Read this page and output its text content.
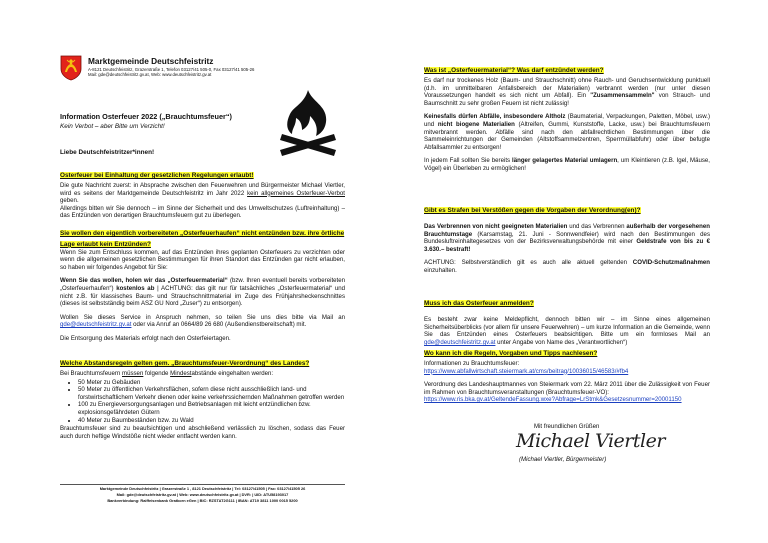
Marktgemeinde Deutschfeistritz
A-8121 Deutschfeistritz, Grazerstraße 1, Telefon 03127/41 505-0, Fax 03127/41 505-26
Mail: gde@deutschfeistritz.gv.at, Web: www.deutschfeistritz.gv.at
Information Osterfeuer 2022 („Brauchtumsfeuer“)
Kein Verbot – aber Bitte um Verzicht!
Liebe Deutschfeistritzer*innen!
Osterfeuer bei Einhaltung der gesetzlichen Regelungen erlaubt!

Die gute Nachricht zuerst: in Absprache zwischen den Feuerwehren und Bürgermeister Michael Viertler, wird es seitens der Marktgemeinde Deutschfeistritz im Jahr 2022 kein allgemeines Osterfeuer-Verbot geben.

Allerdings bitten wir Sie dennoch – im Sinne der Sicherheit und des Umweltschutzes (Luftreinhaltung) – das Entzünden von derartigen Brauchtumsfeuern gut zu überlegen.

Sie wollen den eigentlich vorbereiteten „Osterfeuerhaufen“ nicht entzünden bzw. ihre örtliche Lage erlaubt kein Entzünden?

Wenn Sie zum Entschluss kommen, auf das Entzünden ihres geplanten Osterfeuers zu verzichten oder wenn die allgemeinen gesetzlichen Bestimmungen für ihren Standort das Entzünden gar nicht erlauben, so haben wir folgendes Angebot für Sie:

Wenn Sie das wollen, holen wir das „Osterfeuermaterial“ (bzw. Ihren eventuell bereits vorbereiteten „Osterfeuerhaufen“) kostenlos ab | ACHTUNG: das gilt nur für tatsächliches „Osterfeuermaterial“ und nicht z.B. für klassisches Baum- und Strauchschnittmaterial im Zuge des Frühjahrsheckenschnittes (dieses ist selbstständig beim ASZ GU Nord „Zuser“) zu entsorgen).

Wollen Sie dieses Service in Anspruch nehmen, so teilen Sie uns dies bitte via Mail an gde@deutschfeistritz.gv.at oder via Anruf an 0664/89 26 680 (Außendienstbereitschaft) mit.

Die Entsorgung des Materials erfolgt nach den Osterfeiertagen.

Welche Abstandsregeln gelten gem. „Brauchtumsfeuer-Verordnung“ des Landes?

Bei Brauchtumsfeuern müssen folgende Mindestabstände eingehalten werden:

• 50 Meter zu Gebäuden
• 50 Meter zu öffentlichen Verkehrsflächen, sofern diese nicht ausschließlich land- und forstwirtschaftlichem Verkehr dienen oder keine verkehrssichernden Maßnahmen getroffen werden
• 100 zu Energieversorgungsanlagen und Betriebsanlagen mit leicht entzündlichen bzw. explosionsgefährdeten Gütern
• 40 Meter zu Baumbeständen bzw. zu Wald

Brauchtumsfeuer sind zu beaufsichtigen und abschließend verlässlich zu löschen, sodass das Feuer auch durch heftige Windstöße nicht wieder entfacht werden kann.

Marktgemeinde Deutschfeistritz | Grazerstraße 1 , 8121 Deutschfeistritz | Tel: 03127/41505 | Fax: 03127/41505 26
Mail: gde@deutschfeistritz.gv.at | Web: www.deutschfeistritz.gv.at | DVR: | UID: ATU58193017
Bankverbindung: Raiffeisenbank Gratkorn eGen | BIC: RZSTAT2G111 | IBAN: AT19 3811 1000 0015 5200
Was ist „Osterfeuermaterial“? Was darf entzündet werden?

Es darf nur trockenes Holz (Baum- und Strauchschnitt) ohne Rauch- und Geruchsentwicklung punktuell (d.h. im unmittelbaren Anfallsbereich der Materialien) verbrannt werden (nur unter diesen Voraussetzungen handelt es sich nicht um Abfall). Ein "Zusammensammeln" von Strauch- und Baumschnitt zu sehr großen Feuern ist nicht zulässig!

Keinesfalls dürfen Abfälle, insbesondere Altholz (Baumaterial, Verpackungen, Paletten, Möbel, usw.) und nicht biogene Materialien (Altreifen, Gummi, Kunststoffe, Lacke, usw.) bei Brauchtumsfeuern mitverbrannt werden. Abfälle sind nach den abfallrechtlichen Bestimmungen über die Sammeleinrichtungen der Gemeinden (Altstoffsammelzentren, Sperrmüllabfuhr) oder über befugte Abfallsammler zu entsorgen!

In jedem Fall sollten Sie bereits länger gelagertes Material umlagern, um Kleintieren (z.B. Igel, Mäuse, Vögel) ein Überleben zu ermöglichen!

Gibt es Strafen bei Verstößen gegen die Vorgaben der Verordnung(en)?

Das Verbrennen von nicht geeigneten Materialien und das Verbrennen außerhalb der vorgesehenen Brauchtumstage (Karsamstag, 21. Juni - Sonnwendfeier) wird nach den Bestimmungen des Bundesluftreinhaltegesetzes von der Bezirksverwaltungsbehörde mit einer Geldstrafe von bis zu € 3.630.– bestraft!

ACHTUNG: Selbstverständlich gilt es auch alle aktuell geltenden COVID-Schutzmaßnahmen einzuhalten.

Muss ich das Osterfeuer anmelden?

Es besteht zwar keine Meldepflicht, dennoch bitten wir – im Sinne eines allgemeinen Sicherheitsüberblicks (vor allem für unsere Feuerwehren) – um kurze Information an die Gemeinde, wenn Sie das Entzünden eines Osterfeuers beabsichtigen. Bitte um ein formloses Mail an gde@deutschfeistritz.gv.at unter Angabe von Name des „Verantwortlichen“)

Wo kann ich die Regeln, Vorgaben und Tipps nachlesen?

Informationen zu Brauchtumsfeuer:

https://www.abfallwirtschaft.steiermark.at/cms/beitrag/10036015/46583/#fb4

Verordnung des Landeshauptmannes von Steiermark vom 22. März 2011 über die Zulässigkeit von Feuer im Rahmen von Brauchtumsveranstaltungen (Brauchtumsfeuer-VO):

https://www.ris.bka.gv.at/GeltendeFassung.wxe?Abfrage=LrStmk&Gesetzesnummer=20001150

Mit freundlichen Grüßen
Michael Viertler
(Michael Viertler, Bürgermeister)
